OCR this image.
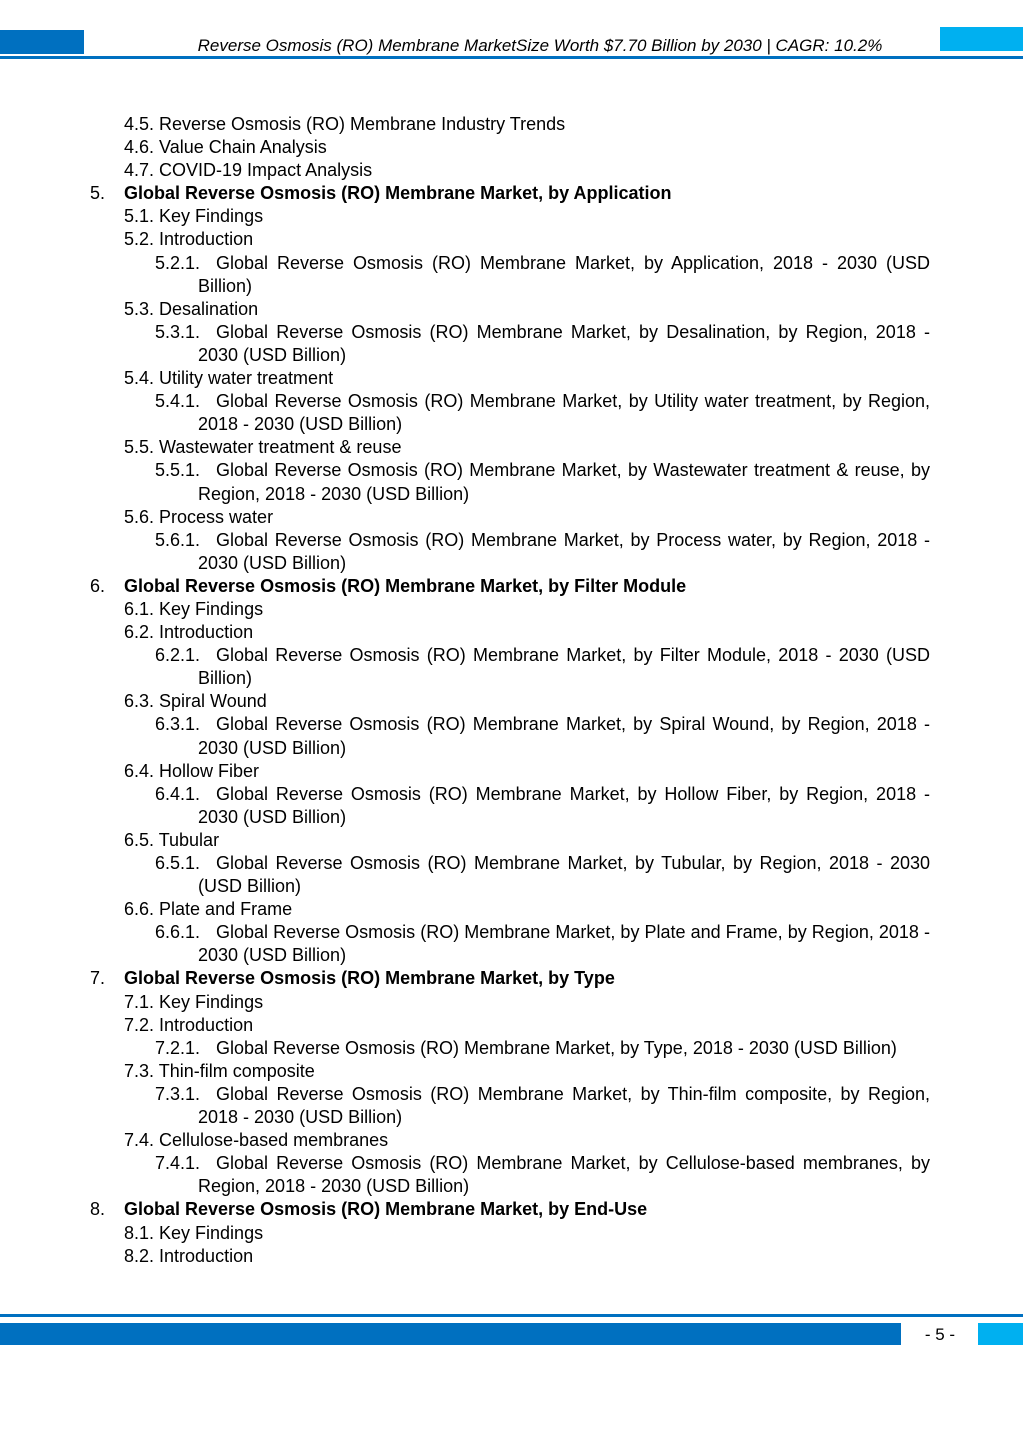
Reverse Osmosis (RO) Membrane MarketSize Worth $7.70 Billion by 2030 | CAGR: 10.2%
4.5. Reverse Osmosis (RO) Membrane Industry Trends
4.6. Value Chain Analysis
4.7. COVID-19 Impact Analysis
5. Global Reverse Osmosis (RO) Membrane Market, by Application
5.1. Key Findings
5.2. Introduction
5.2.1. Global Reverse Osmosis (RO) Membrane Market, by Application, 2018 - 2030 (USD Billion)
5.3. Desalination
5.3.1. Global Reverse Osmosis (RO) Membrane Market, by Desalination, by Region, 2018 - 2030 (USD Billion)
5.4. Utility water treatment
5.4.1. Global Reverse Osmosis (RO) Membrane Market, by Utility water treatment, by Region, 2018 - 2030 (USD Billion)
5.5. Wastewater treatment & reuse
5.5.1. Global Reverse Osmosis (RO) Membrane Market, by Wastewater treatment & reuse, by Region, 2018 - 2030 (USD Billion)
5.6. Process water
5.6.1. Global Reverse Osmosis (RO) Membrane Market, by Process water, by Region, 2018 - 2030 (USD Billion)
6. Global Reverse Osmosis (RO) Membrane Market, by Filter Module
6.1. Key Findings
6.2. Introduction
6.2.1. Global Reverse Osmosis (RO) Membrane Market, by Filter Module, 2018 - 2030 (USD Billion)
6.3. Spiral Wound
6.3.1. Global Reverse Osmosis (RO) Membrane Market, by Spiral Wound, by Region, 2018 - 2030 (USD Billion)
6.4. Hollow Fiber
6.4.1. Global Reverse Osmosis (RO) Membrane Market, by Hollow Fiber, by Region, 2018 - 2030 (USD Billion)
6.5. Tubular
6.5.1. Global Reverse Osmosis (RO) Membrane Market, by Tubular, by Region, 2018 - 2030 (USD Billion)
6.6. Plate and Frame
6.6.1. Global Reverse Osmosis (RO) Membrane Market, by Plate and Frame, by Region, 2018 - 2030 (USD Billion)
7. Global Reverse Osmosis (RO) Membrane Market, by Type
7.1. Key Findings
7.2. Introduction
7.2.1. Global Reverse Osmosis (RO) Membrane Market, by Type, 2018 - 2030 (USD Billion)
7.3. Thin-film composite
7.3.1. Global Reverse Osmosis (RO) Membrane Market, by Thin-film composite, by Region, 2018 - 2030 (USD Billion)
7.4. Cellulose-based membranes
7.4.1. Global Reverse Osmosis (RO) Membrane Market, by Cellulose-based membranes, by Region, 2018 - 2030 (USD Billion)
8. Global Reverse Osmosis (RO) Membrane Market, by End-Use
8.1. Key Findings
8.2. Introduction
- 5 -
